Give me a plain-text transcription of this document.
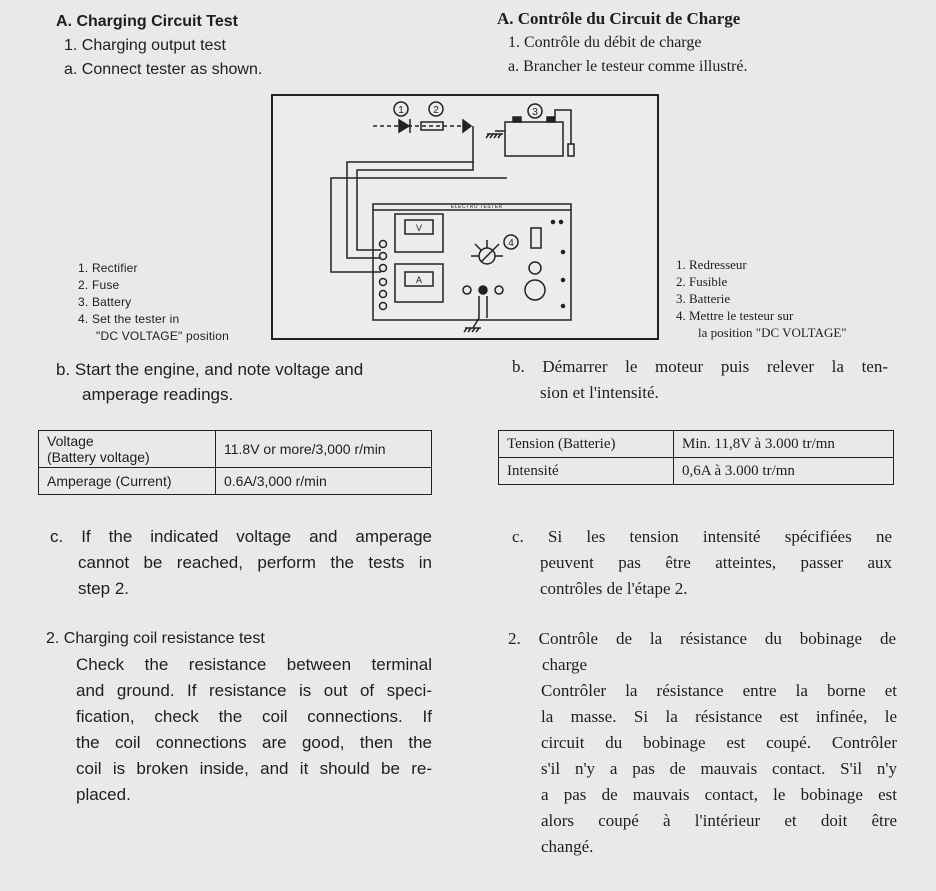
A. Charging Circuit Test
1. Charging output test
a. Connect tester as shown.
1. Rectifier
2. Fuse
3. Battery
4. Set the tester in
"DC VOLTAGE" position
b. Start the engine, and note voltage and
amperage readings.
Voltage
(Battery voltage)	11.8V or more/3,000 r/min
Amperage (Current)	0.6A/3,000 r/min
c. If the indicated voltage and amperage
cannot be reached, perform the tests in
step 2.
2. Charging coil resistance test
Check the resistance between terminal
and ground. If resistance is out of speci-
fication, check the coil connections. If
the coil connections are good, then the
coil is broken inside, and it should be re-
placed.
A. Contrôle du Circuit de Charge
1. Contrôle du débit de charge
a. Brancher le testeur comme illustré.
1. Redresseur
2. Fusible
3. Batterie
4. Mettre le testeur sur
la position "DC VOLTAGE"
b. Démarrer le moteur puis relever la ten-
sion et l'intensité.
Tension (Batterie)	Min. 11,8V à 3.000 tr/mn
Intensité	0,6A à 3.000 tr/mn
c. Si les tension intensité spécifiées ne
peuvent pas être atteintes, passer aux
contrôles de l'étape 2.
2. Contrôle de la résistance du bobinage de
charge
Contrôler la résistance entre la borne et
la masse. Si la résistance est infinée, le
circuit du bobinage est coupé. Contrôler
s'il n'y a pas de mauvais contact. S'il n'y
a pas de mauvais contact, le bobinage est
alors coupé à l'intérieur et doit être
changé.
1	2	3
4
ELECTRO TESTER
V
A
